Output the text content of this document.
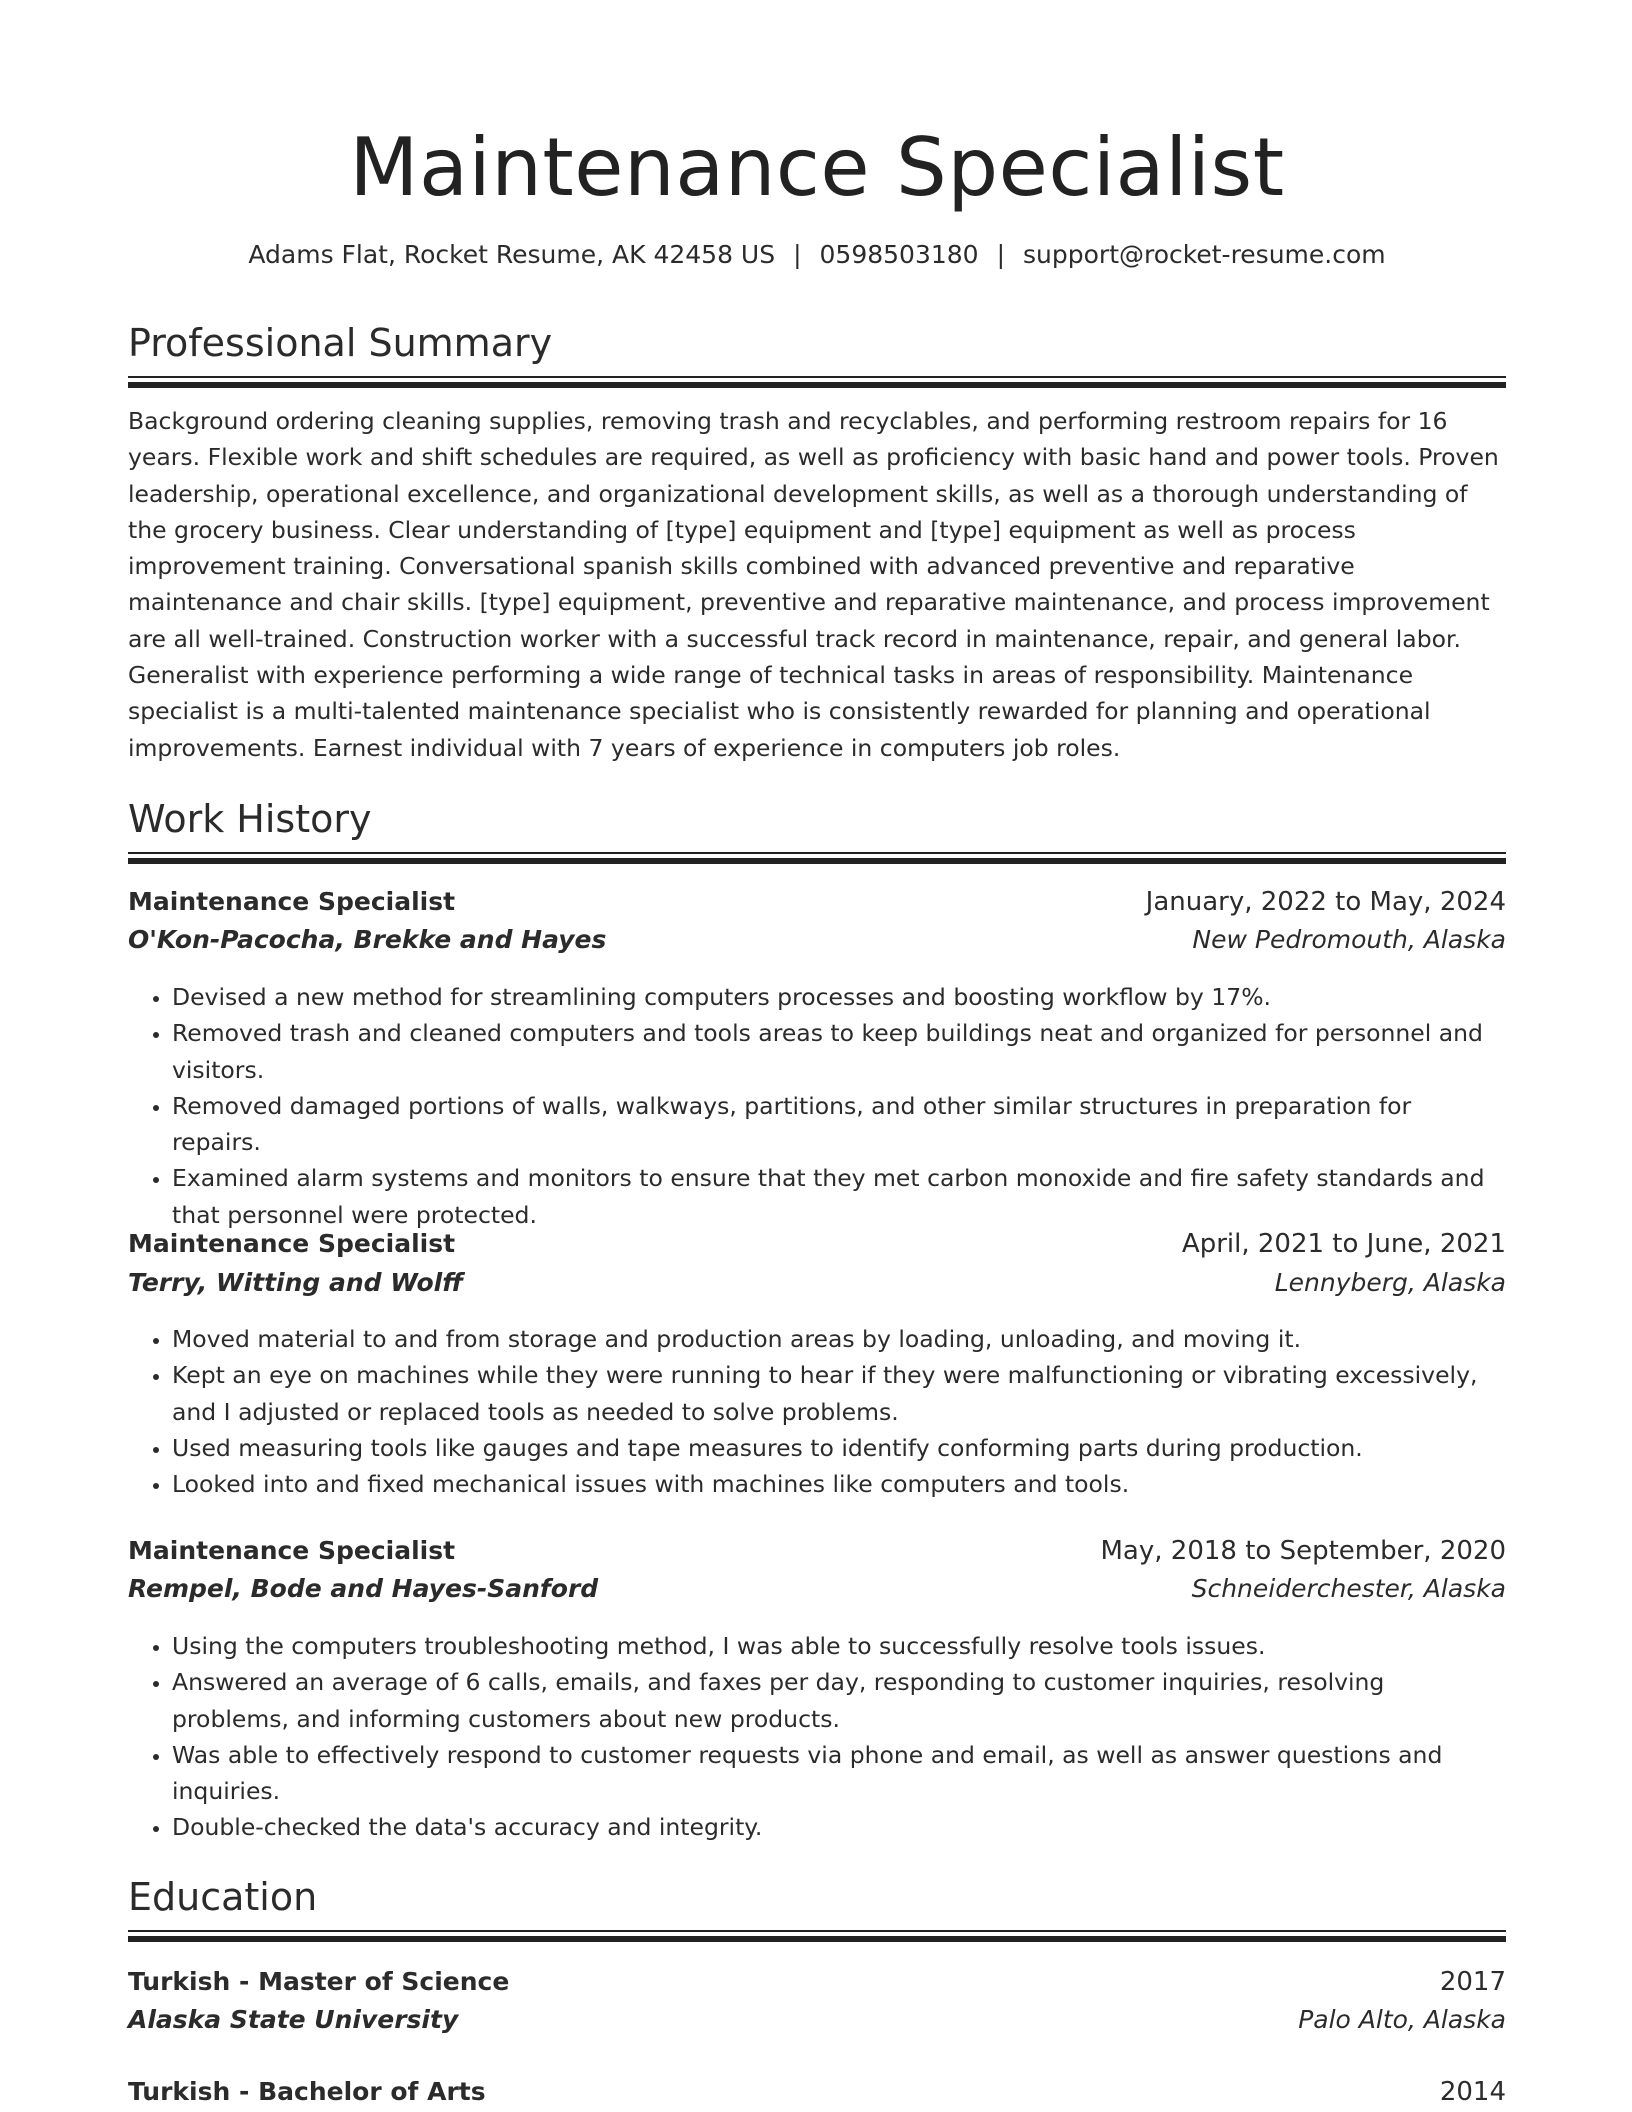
Maintenance Specialist
Adams Flat, Rocket Resume, AK 42458 US | 0598503180 | support@rocket-resume.com
Professional Summary

Background ordering cleaning supplies, removing trash and recyclables, and performing restroom repairs for 16 years. Flexible work and shift schedules are required, as well as proficiency with basic hand and power tools. Proven leadership, operational excellence, and organizational development skills, as well as a thorough understanding of the grocery business. Clear understanding of [type] equipment and [type] equipment as well as process improvement training. Conversational spanish skills combined with advanced preventive and reparative maintenance and chair skills. [type] equipment, preventive and reparative maintenance, and process improvement are all well-trained. Construction worker with a successful track record in maintenance, repair, and general labor. Generalist with experience performing a wide range of technical tasks in areas of responsibility. Maintenance specialist is a multi-talented maintenance specialist who is consistently rewarded for planning and operational improvements. Earnest individual with 7 years of experience in computers job roles.

Work History
Maintenance Specialist	January, 2022 to May, 2024
O'Kon-Pacocha, Brekke and Hayes	New Pedromouth, Alaska
• Devised a new method for streamlining computers processes and boosting workflow by 17%.
• Removed trash and cleaned computers and tools areas to keep buildings neat and organized for personnel and visitors.
• Removed damaged portions of walls, walkways, partitions, and other similar structures in preparation for repairs.
• Examined alarm systems and monitors to ensure that they met carbon monoxide and fire safety standards and that personnel were protected.
Maintenance Specialist	April, 2021 to June, 2021
Terry, Witting and Wolff	Lennyberg, Alaska
• Moved material to and from storage and production areas by loading, unloading, and moving it.
• Kept an eye on machines while they were running to hear if they were malfunctioning or vibrating excessively, and I adjusted or replaced tools as needed to solve problems.
• Used measuring tools like gauges and tape measures to identify conforming parts during production.
• Looked into and fixed mechanical issues with machines like computers and tools.
Maintenance Specialist	May, 2018 to September, 2020
Rempel, Bode and Hayes-Sanford	Schneiderchester, Alaska
• Using the computers troubleshooting method, I was able to successfully resolve tools issues.
• Answered an average of 6 calls, emails, and faxes per day, responding to customer inquiries, resolving problems, and informing customers about new products.
• Was able to effectively respond to customer requests via phone and email, as well as answer questions and inquiries.
• Double-checked the data's accuracy and integrity.
Education
Turkish - Master of Science	2017
Alaska State University	Palo Alto, Alaska
Turkish - Bachelor of Arts	2014
